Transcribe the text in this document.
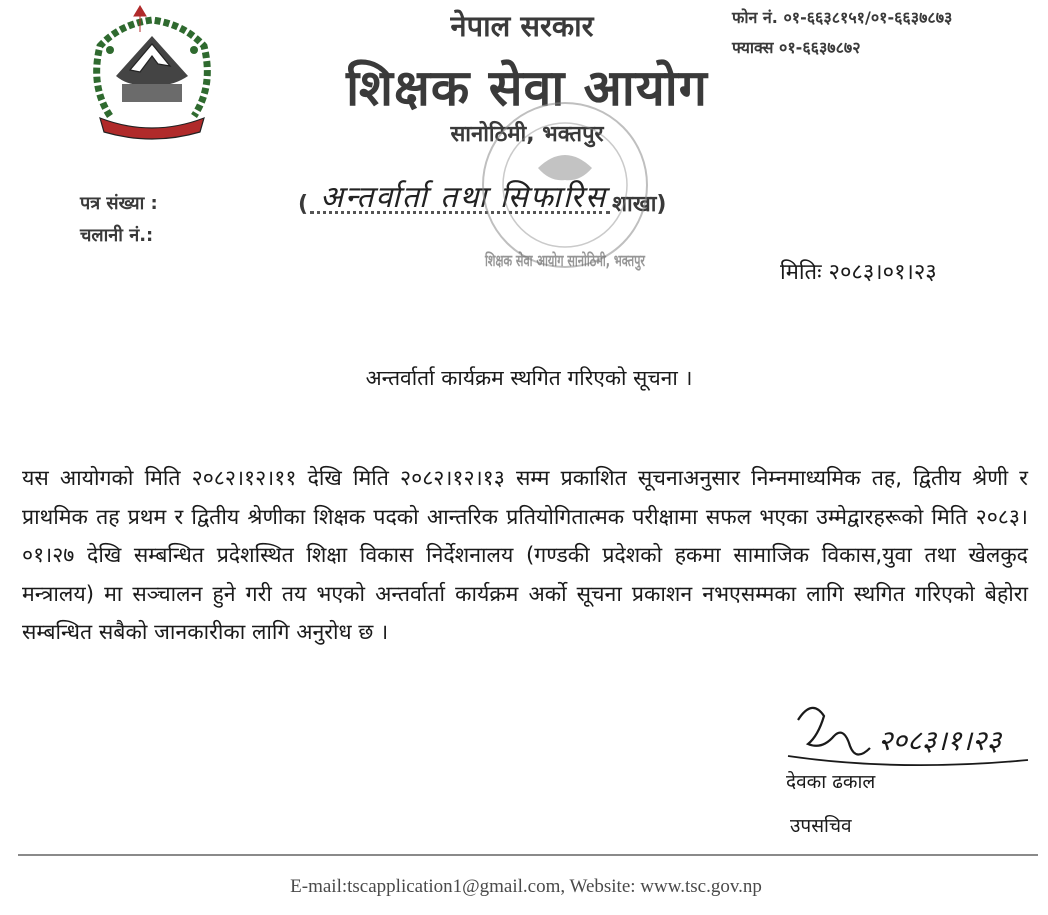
नेपाल सरकार
शिक्षक सेवा आयोग
सानोठिमी, भक्तपुर
फोन नं. ०१-६६३८१५१/०१-६६३७८७३
फ्याक्स ०१-६६३७८७२
पत्र संख्या :
चलानी नं.:
( अन्तर्वार्ता तथा सिफारिस शाखा)
शिक्षक सेवा आयोग सानोठिमी, भक्तपुर	मितिः २०८३।०१।२३
अन्तर्वार्ता कार्यक्रम स्थगित गरिएको सूचना ।
यस आयोगको मिति २०८२।१२।११ देखि मिति २०८२।१२।१३ सम्म प्रकाशित सूचनाअनुसार निम्नमाध्यमिक तह, द्वितीय श्रेणी र प्राथमिक तह प्रथम र द्वितीय श्रेणीका शिक्षक पदको आन्तरिक प्रतियोगितात्मक परीक्षामा सफल भएका उम्मेद्वारहरूको मिति २०८३।०१।२७ देखि सम्बन्धित प्रदेशस्थित शिक्षा विकास निर्देशनालय (गण्डकी प्रदेशको हकमा सामाजिक विकास,युवा तथा खेलकुद मन्त्रालय) मा सञ्चालन हुने गरी तय भएको अन्तर्वार्ता कार्यक्रम अर्को सूचना प्रकाशन नभएसम्मका लागि स्थगित गरिएको बेहोरा सम्बन्धित सबैको जानकारीका लागि अनुरोध छ ।
२०८३।१।२३
देवका ढकाल
उपसचिव
E-mail:tscapplication1@gmail.com, Website: www.tsc.gov.np
